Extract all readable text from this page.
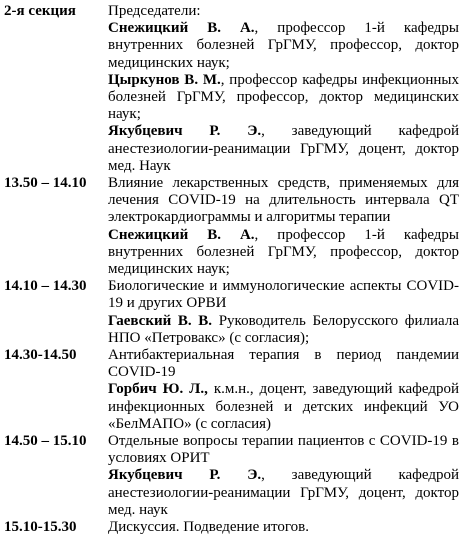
2-я секция	Председатели:

Снежицкий В. А., профессор 1-й кафедры внутренних болезней ГрГМУ, профессор, доктор медицинских наук;

Цыркунов В. М., профессор кафедры инфекционных болезней ГрГМУ, профессор, доктор медицинских наук;

Якубцевич Р. Э., заведующий кафедрой анестезиологии-реанимации ГрГМУ, доцент, доктор мед. Наук

13.50 – 14.10	Влияние лекарственных средств, применяемых для лечения COVID-19 на длительность интервала QT электрокардиограммы и алгоритмы терапии

Снежицкий В. А., профессор 1-й кафедры внутренних болезней ГрГМУ, профессор, доктор медицинских наук;

14.10 – 14.30	Биологические и иммунологические аспекты COVID-19 и других ОРВИ

Гаевский В. В. Руководитель Белорусского филиала НПО «Петровакс» (с согласия);

14.30-14.50	Антибактериальная терапия в период пандемии COVID-19

Горбич Ю. Л., к.м.н., доцент, заведующий кафедрой инфекционных болезней и детских инфекций УО «БелМАПО» (с согласия)

14.50 – 15.10	Отдельные вопросы терапии пациентов с COVID-19 в условиях ОРИТ

Якубцевич Р. Э., заведующий кафедрой анестезиологии-реанимации ГрГМУ, доцент, доктор мед. наук

15.10-15.30	Дискуссия. Подведение итогов.
